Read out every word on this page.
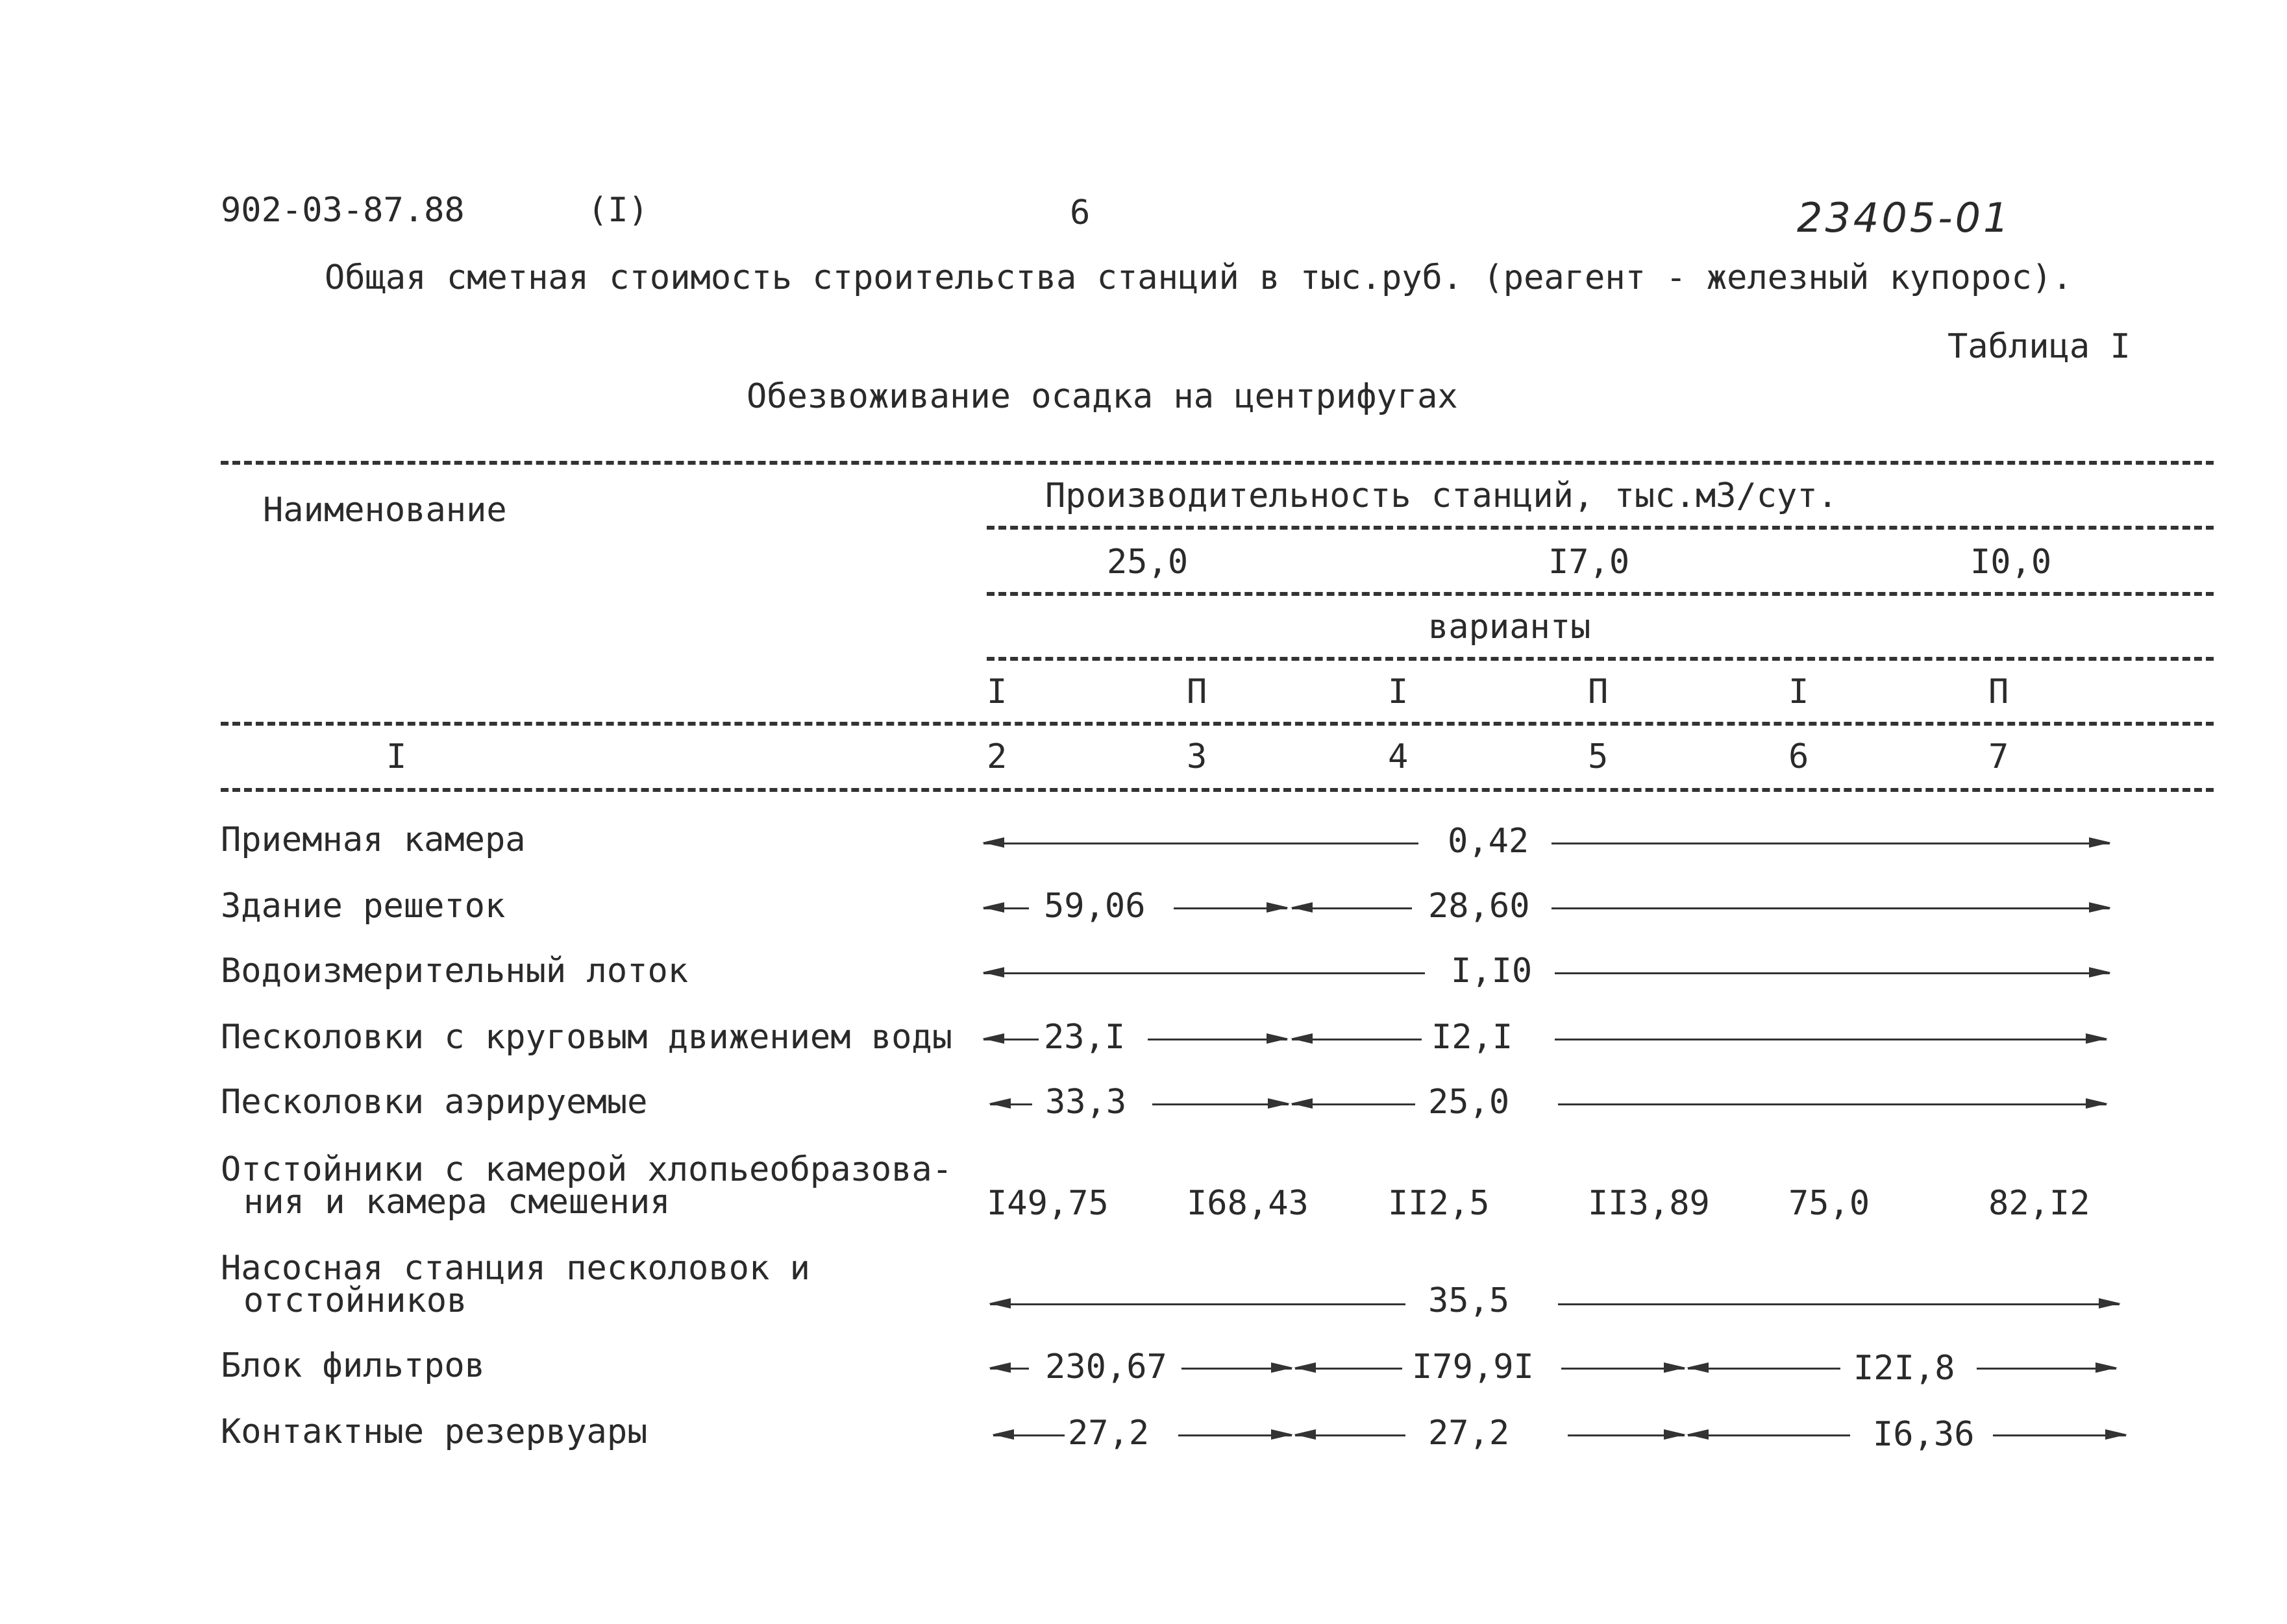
902-03-87.88	(I)	6	23405-01
Общая сметная стоимость строительства станций в тыс.руб. (реагент - железный купорос).
Таблица I
Обезвоживание осадка на центрифугах
Наименование	Производительность станций, тыс.м3/сут.
25,0	I7,0	I0,0
варианты
I	П	I	П	I	П
I	2	3	4	5	6	7
Приемная камера	0,42
Здание решеток	59,06	28,60
Водоизмерительный лоток	I,I0
Песколовки с круговым движением воды	23,I	I2,I
Песколовки аэрируемые	33,3	25,0
Отстойники с камерой хлопьеобразова-
ния и камера смешения	I49,75 I68,43 II2,5	II3,89 75,0	82,I2
Насосная станция песколовок и
отстойников	35,5
Блок фильтров	230,67	I79,9I	I2I,8
Контактные резервуары	27,2	27,2	I6,36
